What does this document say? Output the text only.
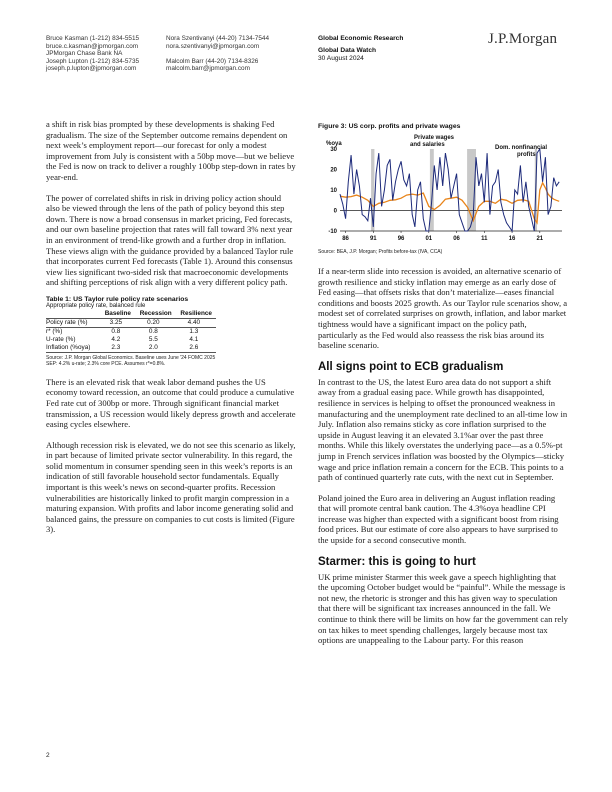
Bruce Kasman (1-212) 834-5515
bruce.c.kasman@jpmorgan.com
JPMorgan Chase Bank NA
Joseph Lupton (1-212) 834-5735
joseph.p.lupton@jpmorgan.com
Nora Szentivanyi (44-20) 7134-7544
nora.szentivanyi@jpmorgan.com
Malcolm Barr (44-20) 7134-8326
malcolm.barr@jpmorgan.com
Global Economic Research
Global Data Watch
30 August 2024
J.P.Morgan

a shift in risk bias prompted by these developments is shaking Fed gradualism. The size of the September outcome remains dependent on next week’s employment report—our forecast for only a modest improvement from July is consistent with a 50bp move—but we believe the Fed is now on track to deliver a roughly 100bp step-down in rates by year-end.

The power of correlated shifts in risk in driving policy action should also be viewed through the lens of the path of policy beyond this step down. There is now a broad consensus in market pricing, Fed forecasts, and our own baseline projection that rates will fall toward 3% next year in an environment of trend-like growth and a further drop in inflation. These views align with the guidance provided by a balanced Taylor rule that incorporates current Fed forecasts (Table 1). Around this consensus view lies significant two-sided risk that macroeconomic developments and shifting perceptions of risk align with a very different policy path.

Table 1: US Taylor rule policy rate scenarios
Appropriate policy rate, balanced rule
	Baseline	Recession	Resilience
Policy rate (%)	3.25	0.20	4.40
r* (%)	0.8	0.8	1.3
U-rate (%)	4.2	5.5	4.1
Inflation (%oya)	2.3	2.0	2.6
Source: J.P. Morgan Global Economics. Baseline uses June '24 FOMC 2025
SEP: 4.2% u-rate; 2.3% core PCE. Assumes r*=0.8%.

There is an elevated risk that weak labor demand pushes the US economy toward recession, an outcome that could produce a cumulative Fed rate cut of 300bp or more. Through significant financial market transmission, a US recession would likely depress growth and accelerate easing cycles elsewhere.

Although recession risk is elevated, we do not see this scenario as likely, in part because of limited private sector vulnerability. In this regard, the solid momentum in consumer spending seen in this week’s reports is an indication of still favorable household sector fundamentals. Equally important is this week’s news on second-quarter profits. Recession vulnerabilities are historically linked to profit margin compression in a maturing expansion. With profits and labor income generating solid and balanced gains, the pressure on companies to cut costs is limited (Figure 3).

Figure 3: US corp. profits and private wages
30
20
10
0
-10
86	91	96	01	06	11	16	21
%oya
Private wages and salaries	Dom. nonfinancial profits
Source: BEA, J.P. Morgan; Profits before-tax (IVA, CCA)

If a near-term slide into recession is avoided, an alternative scenario of growth resilience and sticky inflation may emerge as an early dose of Fed easing—that offsets risks that don’t materialize—eases financial conditions and boosts 2025 growth. As our Taylor rule scenarios show, a modest set of correlated surprises on growth, inflation, and labor market tightness would have a significant impact on the policy path, particularly as the Fed would also reassess the risk bias around its baseline scenario.

All signs point to ECB gradualism

In contrast to the US, the latest Euro area data do not support a shift away from a gradual easing pace. While growth has disappointed, resilience in services is helping to offset the pronounced weakness in manufacturing and the unemployment rate declined to an all-time low in July. Inflation also remains sticky as core inflation surprised to the upside in August leaving it an elevated 3.1%ar over the past three months. While this likely overstates the underlying pace—as a 0.5%-pt jump in French services inflation was boosted by the Olympics—sticky wage and price inflation remain a concern for the ECB. This points to a path of continued quarterly rate cuts, with the next cut in September.

Poland joined the Euro area in delivering an August inflation reading that will promote central bank caution. The 4.3%oya headline CPI increase was higher than expected with a significant boost from rising food prices. But our estimate of core also appears to have surprised to the upside for a second consecutive month.

Starmer: this is going to hurt

UK prime minister Starmer this week gave a speech highlighting that the upcoming October budget would be “painful”. While the message is not new, the rhetoric is stronger and this has given way to speculation that there will be significant tax increases announced in the fall. We continue to think there will be limits on how far the government can rely on tax hikes to meet spending challenges, largely because most tax options are unappealing to the Labour party. For this reason

2
